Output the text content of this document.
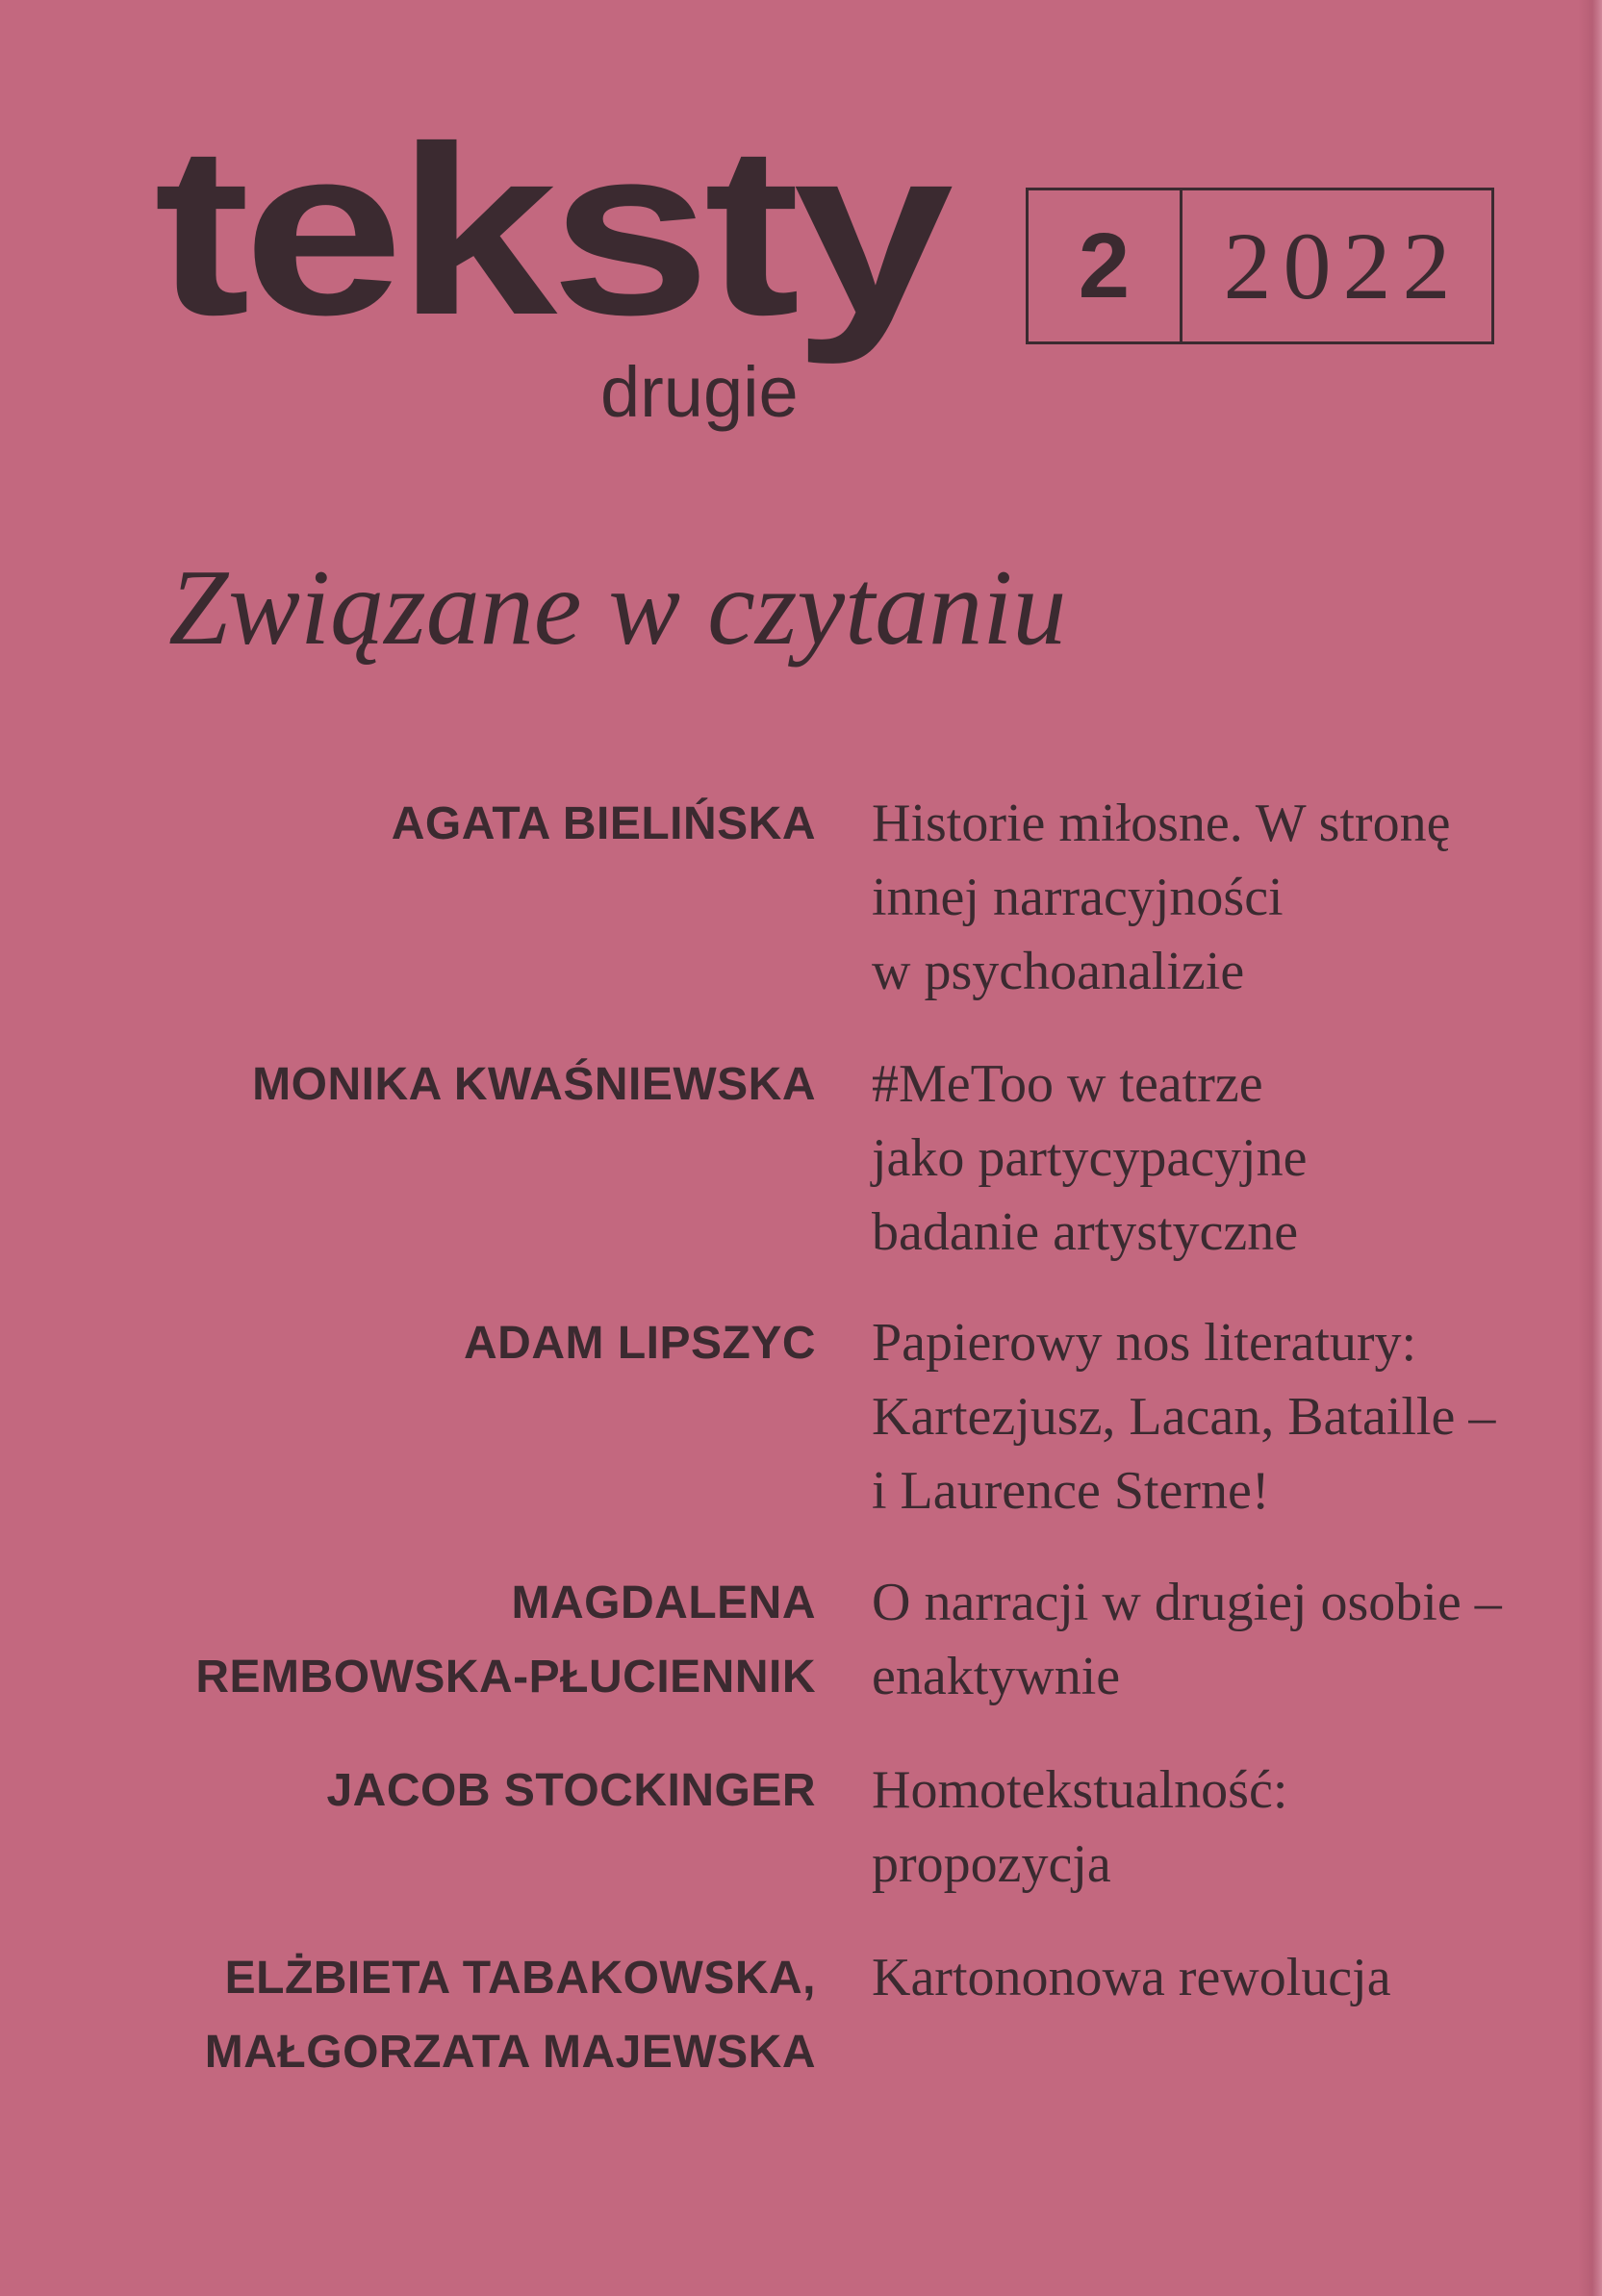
teksty
drugie
2 2022
Związane w czytaniu
AGATA BIELIŃSKA Historie miłosne. W stronę
innej narracyjności
w psychoanalizie
MONIKA KWAŚNIEWSKA #MeToo w teatrze
jako partycypacyjne
badanie artystyczne
ADAM LIPSZYC Papierowy nos literatury:
Kartezjusz, Lacan, Bataille –
i Laurence Sterne!
MAGDALENA
REMBOWSKA-PŁUCIENNIK
O narracji w drugiej osobie –
enaktywnie
JACOB STOCKINGER Homotekstualność:
propozycja
ELŻBIETA TABAKOWSKA,
MAŁGORZATA MAJEWSKA
Kartononowa rewolucja
